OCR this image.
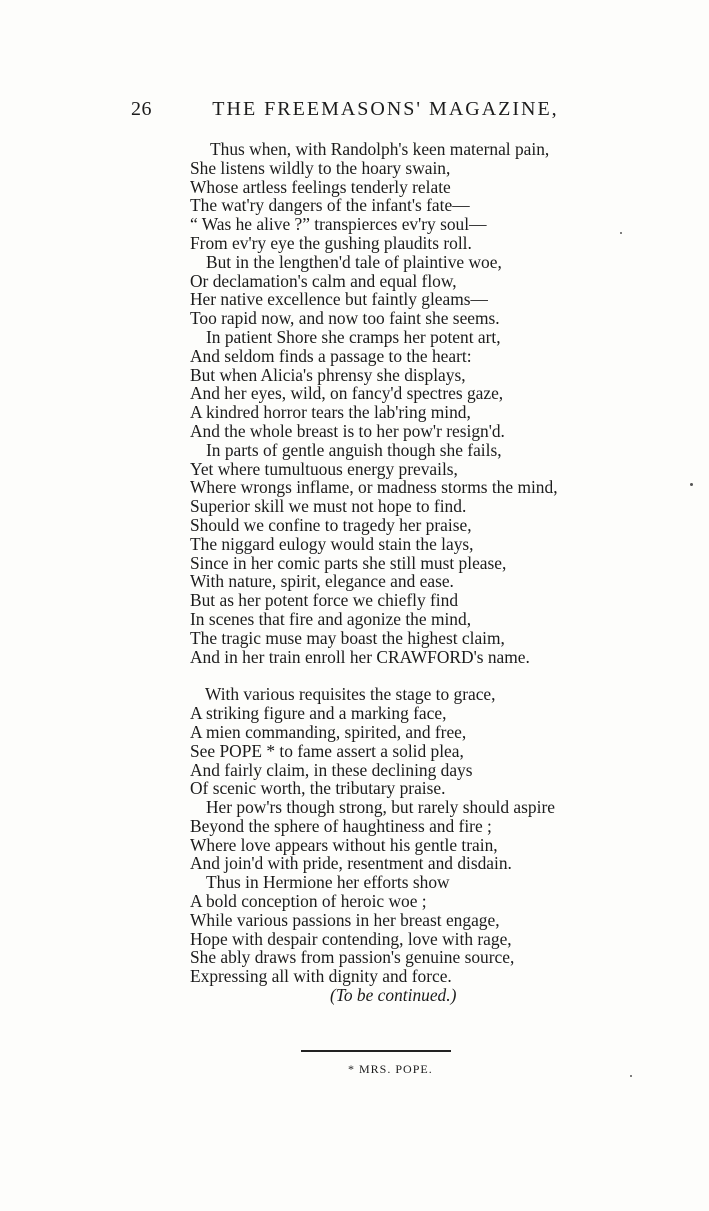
26	THE FREEMASONS' MAGAZINE,
Thus when, with Randolph's keen maternal pain,
She listens wildly to the hoary swain,
Whose artless feelings tenderly relate
The wat'ry dangers of the infant's fate—
“ Was he alive ?” transpierces ev'ry soul—
From ev'ry eye the gushing plaudits roll.
But in the lengthen'd tale of plaintive woe,
Or declamation's calm and equal flow,
Her native excellence but faintly gleams—
Too rapid now, and now too faint she seems.
In patient Shore she cramps her potent art,
And seldom finds a passage to the heart:
But when Alicia's phrensy she displays,
And her eyes, wild, on fancy'd spectres gaze,
A kindred horror tears the lab'ring mind,
And the whole breast is to her pow'r resign'd.
In parts of gentle anguish though she fails,
Yet where tumultuous energy prevails,
Where wrongs inflame, or madness storms the mind,
Superior skill we must not hope to find.
Should we confine to tragedy her praise,
The niggard eulogy would stain the lays,
Since in her comic parts she still must please,
With nature, spirit, elegance and ease.
But as her potent force we chiefly find
In scenes that fire and agonize the mind,
The tragic muse may boast the highest claim,
And in her train enroll her CRAWFORD's name.
With various requisites the stage to grace,
A striking figure and a marking face,
A mien commanding, spirited, and free,
See POPE * to fame assert a solid plea,
And fairly claim, in these declining days
Of scenic worth, the tributary praise.
Her pow'rs though strong, but rarely should aspire
Beyond the sphere of haughtiness and fire ;
Where love appears without his gentle train,
And join'd with pride, resentment and disdain.
Thus in Hermione her efforts show
A bold conception of heroic woe ;
While various passions in her breast engage,
Hope with despair contending, love with rage,
She ably draws from passion's genuine source,
Expressing all with dignity and force.
(To be continued.)
* MRS. POPE.
